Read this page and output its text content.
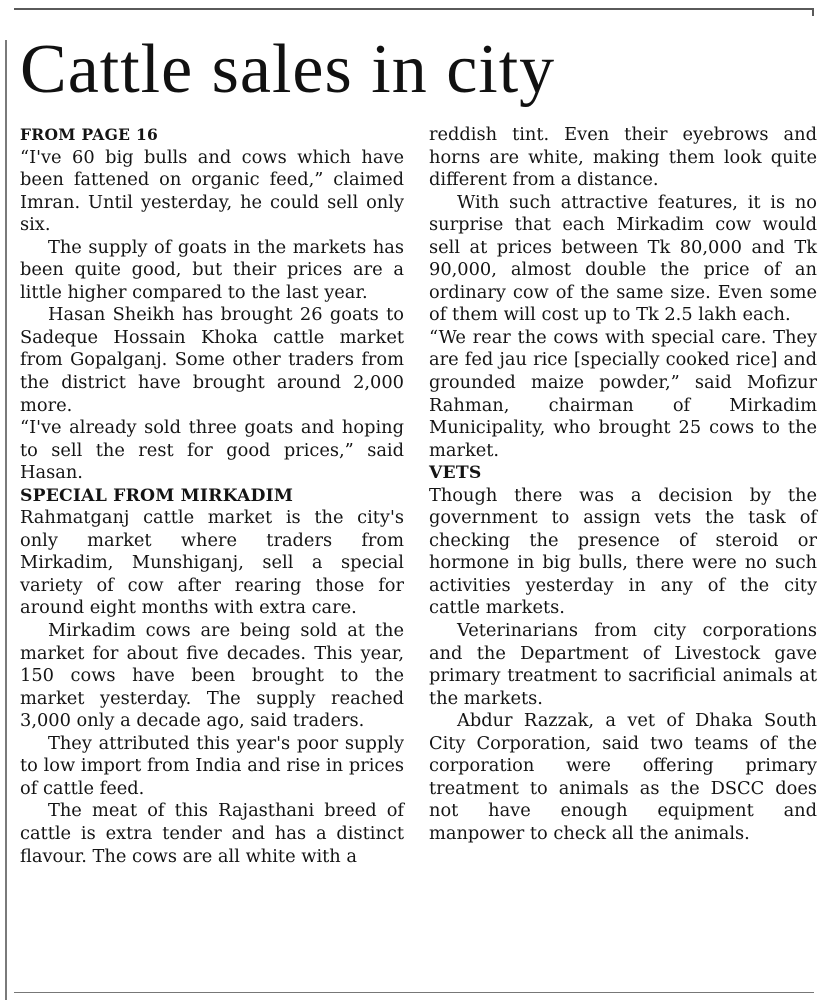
Cattle sales in city
FROM PAGE 16

“I've 60 big bulls and cows which have been fattened on organic feed,” claimed Imran. Until yesterday, he could sell only six.

The supply of goats in the markets has been quite good, but their prices are a little higher compared to the last year.

Hasan Sheikh has brought 26 goats to Sadeque Hossain Khoka cattle market from Gopalganj. Some other traders from the district have brought around 2,000 more.

“I've already sold three goats and hoping to sell the rest for good prices,” said Hasan.

SPECIAL FROM MIRKADIM

Rahmatganj cattle market is the city's only market where traders from Mirkadim, Munshiganj, sell a special variety of cow after rearing those for around eight months with extra care.

Mirkadim cows are being sold at the market for about five decades. This year, 150 cows have been brought to the market yesterday. The supply reached 3,000 only a decade ago, said traders.

They attributed this year's poor supply to low import from India and rise in prices of cattle feed.

The meat of this Rajasthani breed of cattle is extra tender and has a distinct flavour. The cows are all white with a

reddish tint. Even their eyebrows and horns are white, making them look quite different from a distance.

With such attractive features, it is no surprise that each Mirkadim cow would sell at prices between Tk 80,000 and Tk 90,000, almost double the price of an ordinary cow of the same size. Even some of them will cost up to Tk 2.5 lakh each.

“We rear the cows with special care. They are fed jau rice [specially cooked rice] and grounded maize powder,” said Mofizur Rahman, chairman of Mirkadim Municipality, who brought 25 cows to the market.

VETS

Though there was a decision by the government to assign vets the task of checking the presence of steroid or hormone in big bulls, there were no such activities yesterday in any of the city cattle markets.

Veterinarians from city corporations and the Department of Livestock gave primary treatment to sacrificial animals at the markets.

Abdur Razzak, a vet of Dhaka South City Corporation, said two teams of the corporation were offering primary treatment to animals as the DSCC does not have enough equipment and manpower to check all the animals.
